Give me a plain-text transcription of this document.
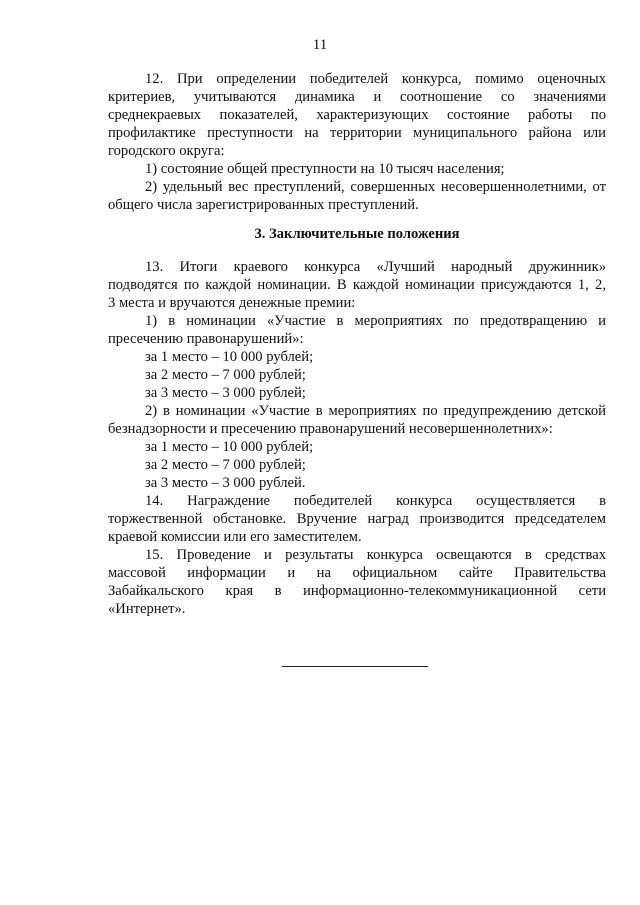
11

12. При определении победителей конкурса, помимо оценочных

критериев, учитываются динамика и соотношение со значениями

среднекраевых показателей, характеризующих состояние работы по

профилактике преступности на территории муниципального района или

городского округа:

1) состояние общей преступности на 10 тысяч населения;

2) удельный вес преступлений, совершенных несовершеннолетними, от

общего числа зарегистрированных преступлений.

3. Заключительные положения

13. Итоги краевого конкурса «Лучший народный дружинник»

подводятся по каждой номинации. В каждой номинации присуждаются 1, 2,

3 места и вручаются денежные премии:

1) в номинации «Участие в мероприятиях по предотвращению и

пресечению правонарушений»:

за 1 место – 10 000 рублей;

за 2 место – 7 000 рублей;

за 3 место – 3 000 рублей;

2) в номинации «Участие в мероприятиях по предупреждению детской

безнадзорности и пресечению правонарушений несовершеннолетних»:

за 1 место – 10 000 рублей;

за 2 место – 7 000 рублей;

за 3 место – 3 000 рублей.

14. Награждение победителей конкурса осуществляется в

торжественной обстановке. Вручение наград производится председателем

краевой комиссии или его заместителем.

15. Проведение и результаты конкурса освещаются в средствах

массовой информации и на официальном сайте Правительства

Забайкальского края в информационно-телекоммуникационной сети

«Интернет».
